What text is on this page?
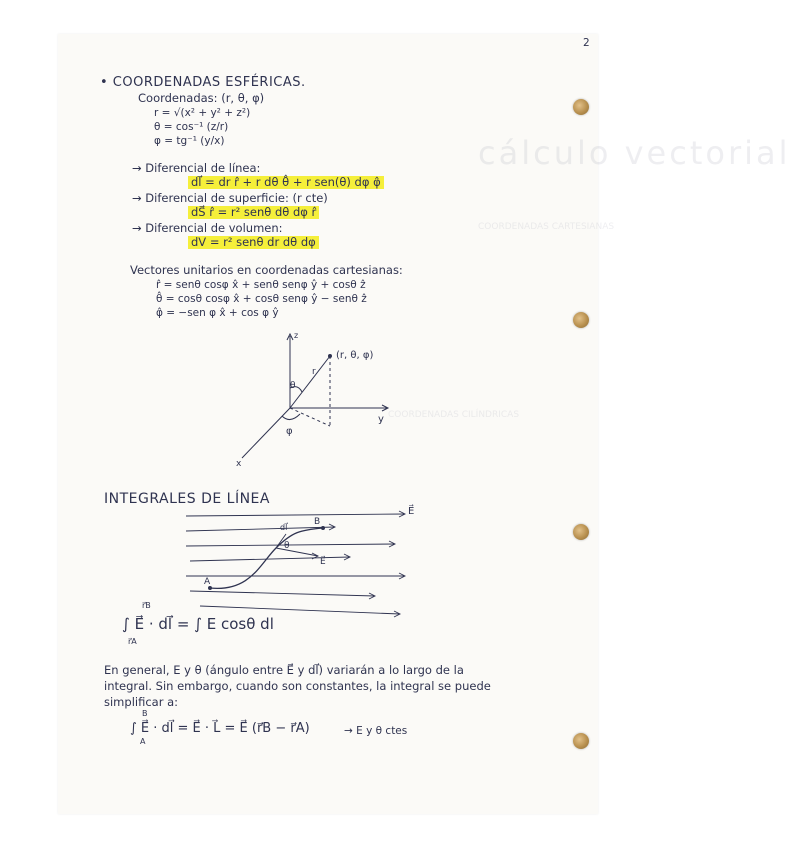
cálculo vectorial
COORDENADAS CARTESIANAS
COORDENADAS CILÍNDRICAS
2
• COORDENADAS ESFÉRICAS.
Coordenadas: (r, θ, φ)
r = √(x² + y² + z²)
θ = cos⁻¹ (z/r)
φ = tg⁻¹ (y/x)
→ Diferencial de línea:
dl⃗ = dr r̂ + r dθ θ̂ + r sen(θ) dφ φ̂
→ Diferencial de superficie: (r cte)
dS⃗ r̂ = r² senθ dθ dφ r̂
→ Diferencial de volumen:
dV = r² senθ dr dθ dφ
Vectores unitarios en coordenadas cartesianas:
r̂ = senθ cosφ x̂ + senθ senφ ŷ + cosθ ẑ
θ̂ = cosθ cosφ x̂ + cosθ senφ ŷ − senθ ẑ
φ̂ = −sen φ x̂ + cos φ ŷ
z
y
x
(r, θ, φ)
r
θ
φ
INTEGRALES DE LÍNEA
E⃗
A
B
dl⃗
θ
E⃗
r⃗B
∫ E⃗ · dl⃗ = ∫ E cosθ dl
r⃗A
En general, E y θ (ángulo entre E⃗ y dl⃗) variarán a lo largo de la
integral. Sin embargo, cuando son constantes, la integral se puede
simplificar a:
B
∫ E⃗ · dl⃗ = E⃗ · L⃗ = E⃗ (r⃗B − r⃗A)
A
→ E y θ ctes
